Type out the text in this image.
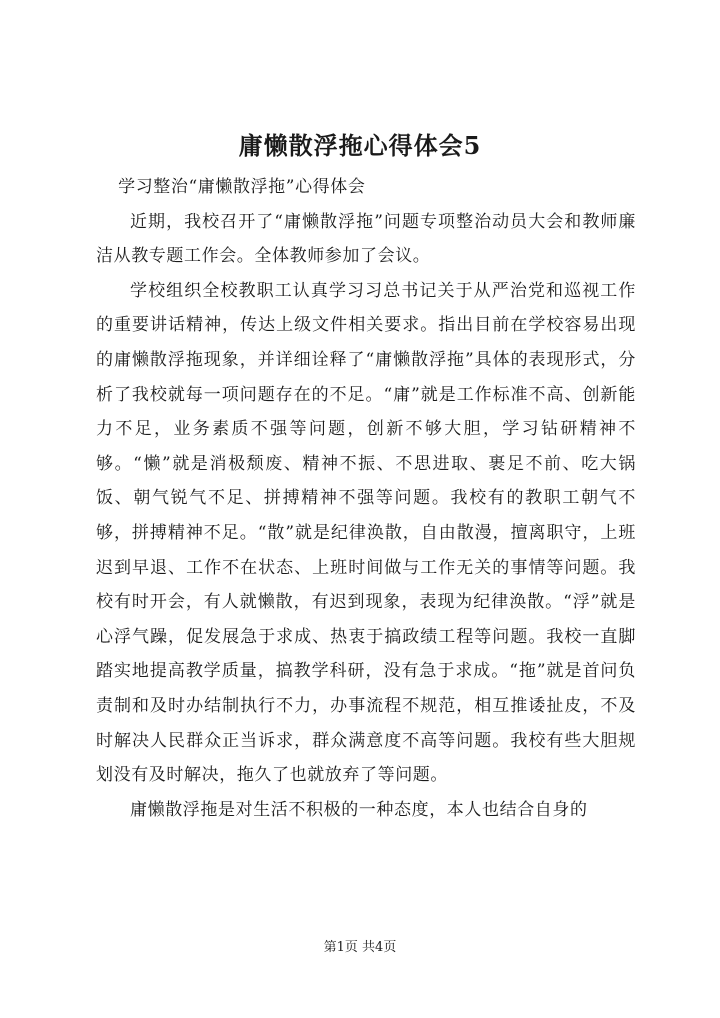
庸懒散浮拖心得体会5

学习整治“庸懒散浮拖”心得体会

近期，我校召开了“庸懒散浮拖”问题专项整治动员大会和教师廉洁从教专题工作会。全体教师参加了会议。

学校组织全校教职工认真学习习总书记关于从严治党和巡视工作的重要讲话精神，传达上级文件相关要求。指出目前在学校容易出现的庸懒散浮拖现象，并详细诠释了“庸懒散浮拖”具体的表现形式，分析了我校就每一项问题存在的不足。“庸”就是工作标准不高、创新能力不足，业务素质不强等问题，创新不够大胆，学习钻研精神不够。“懒”就是消极颓废、精神不振、不思进取、裹足不前、吃大锅饭、朝气锐气不足、拼搏精神不强等问题。我校有的教职工朝气不够，拼搏精神不足。“散”就是纪律涣散，自由散漫，擅离职守，上班迟到早退、工作不在状态、上班时间做与工作无关的事情等问题。我校有时开会，有人就懒散，有迟到现象，表现为纪律涣散。“浮”就是心浮气躁，促发展急于求成、热衷于搞政绩工程等问题。我校一直脚踏实地提高教学质量，搞教学科研，没有急于求成。“拖”就是首问负责制和及时办结制执行不力，办事流程不规范，相互推诿扯皮，不及时解决人民群众正当诉求，群众满意度不高等问题。我校有些大胆规划没有及时解决，拖久了也就放弃了等问题。

庸懒散浮拖是对生活不积极的一种态度，本人也结合自身的

第1页 共4页
